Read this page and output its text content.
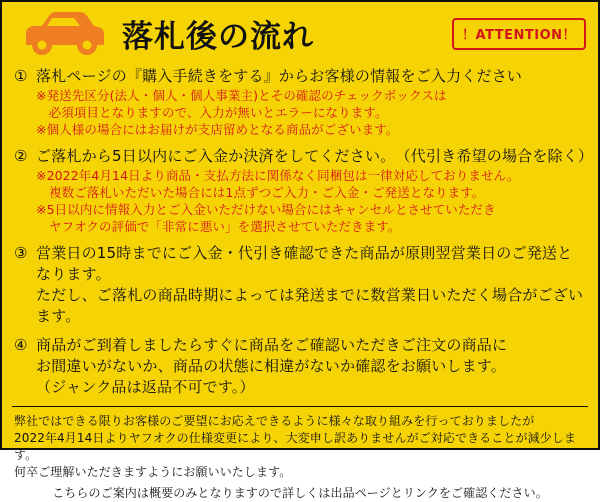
落札後の流れ	！ATTENTION！
① 落札ページの『購入手続きをする』からお客様の情報をご入力ください
※発送先区分(法人・個人・個人事業主)とその確認のチェックボックスは
　必須項目となりますので、入力が無いとエラーになります。
※個人様の場合にはお届けが支店留めとなる商品がございます。
② ご落札から5日以内にご入金か決済をしてください。　（代引き希望の場合を除く）
※2022年4月14日より商品・支払方法に関係なく同梱包は一律対応しておりません。
複数ご落札いただいた場合には1点ずつご入力・ご入金・ご発送となります。
※5日以内に情報入力とご入金いただけない場合にはキャンセルとさせていただき
ヤフオクの評価で「非常に悪い」を選択させていただきます。
③ 営業日の15時までにご入金・代引き確認できた商品が原則翌営業日のご発送となります。
ただし、ご落札の商品時期によっては発送までに数営業日いただく場合がございます。
④ 商品がご到着しましたらすぐに商品をご確認いただきご注文の商品に
お間違いがないか、商品の状態に相違がないか確認をお願いします。
（ジャンク品は返品不可です。）
弊社ではできる限りお客様のご要望にお応えできるように様々な取り組みを行っておりましたが
2022年4月14日よりヤフオクの仕様変更により、大変申し訳ありませんがご対応できることが減少します。
何卒ご理解いただきますようにお願いいたします。
こちらのご案内は概要のみとなりますので詳しくは出品ページとリンクをご確認ください。
